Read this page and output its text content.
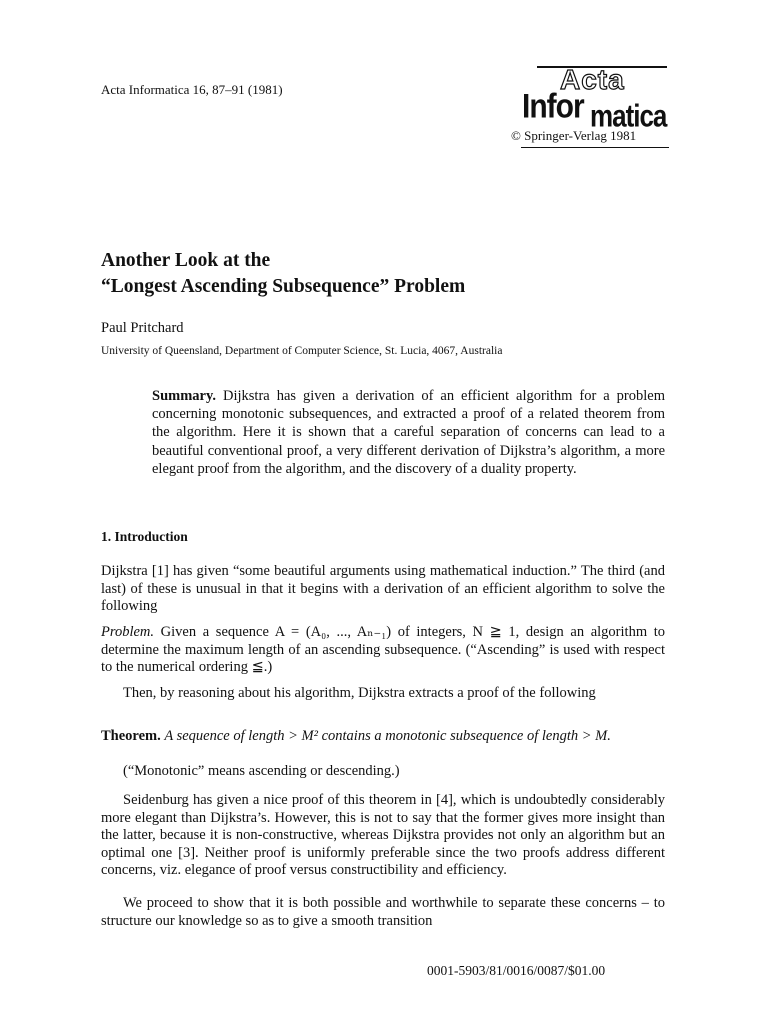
Acta Informatica 16, 87–91 (1981)	Acta
Infor matica
© Springer-Verlag 1981
Another Look at the
“Longest Ascending Subsequence” Problem
Paul Pritchard
University of Queensland, Department of Computer Science, St. Lucia, 4067, Australia
Summary. Dijkstra has given a derivation of an efficient algorithm for a problem concerning monotonic subsequences, and extracted a proof of a related theorem from the algorithm. Here it is shown that a careful separation of concerns can lead to a beautiful conventional proof, a very different derivation of Dijkstra’s algorithm, a more elegant proof from the algorithm, and the discovery of a duality property.
1. Introduction
Dijkstra [1] has given “some beautiful arguments using mathematical induction.” The third (and last) of these is unusual in that it begins with a derivation of an efficient algorithm to solve the following
Problem. Given a sequence A = (A₀, ..., Aₙ₋₁) of integers, N ≧ 1, design an algorithm to determine the maximum length of an ascending subsequence. (“Ascending” is used with respect to the numerical ordering ≦.)
Then, by reasoning about his algorithm, Dijkstra extracts a proof of the following
Theorem. A sequence of length > M² contains a monotonic subsequence of length > M.
(“Monotonic” means ascending or descending.)
Seidenburg has given a nice proof of this theorem in [4], which is undoubtedly considerably more elegant than Dijkstra’s. However, this is not to say that the former gives more insight than the latter, because it is non-constructive, whereas Dijkstra provides not only an algorithm but an optimal one [3]. Neither proof is uniformly preferable since the two proofs address different concerns, viz. elegance of proof versus constructibility and efficiency.
We proceed to show that it is both possible and worthwhile to separate these concerns – to structure our knowledge so as to give a smooth transition
0001-5903/81/0016/0087/$01.00
